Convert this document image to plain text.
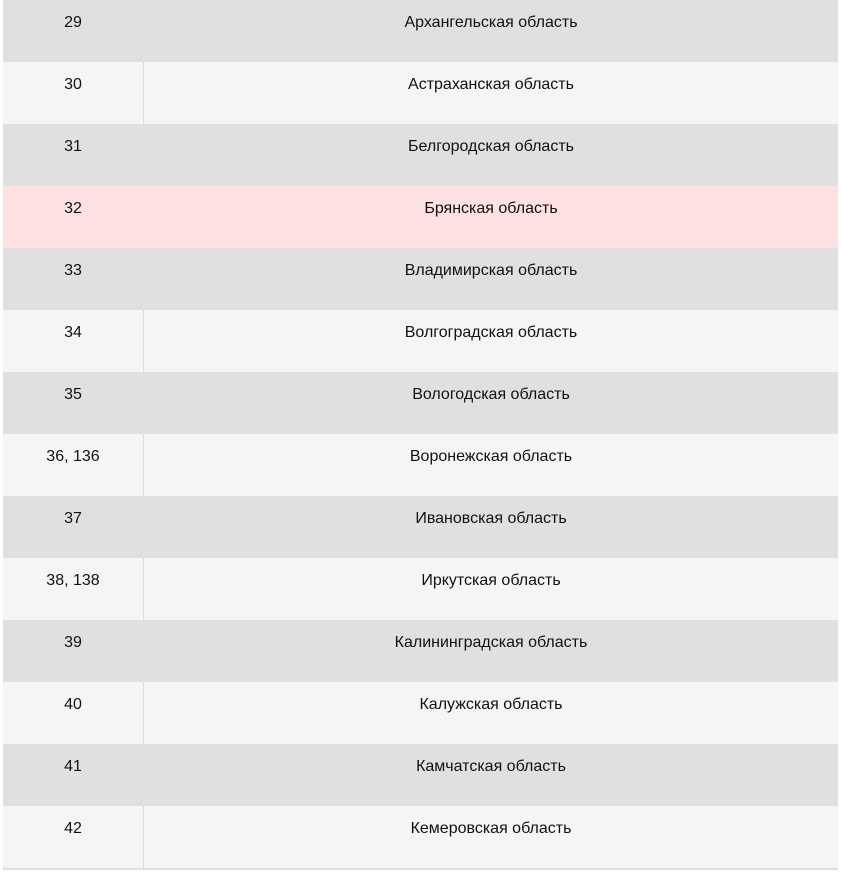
29	Архангельская область
30	Астраханская область
31	Белгородская область
32	Брянская область
33	Владимирская область
34	Волгоградская область
35	Вологодская область
36, 136	Воронежская область
37	Ивановская область
38, 138	Иркутская область
39	Калининградская область
40	Калужская область
41	Камчатская область
42	Кемеровская область
